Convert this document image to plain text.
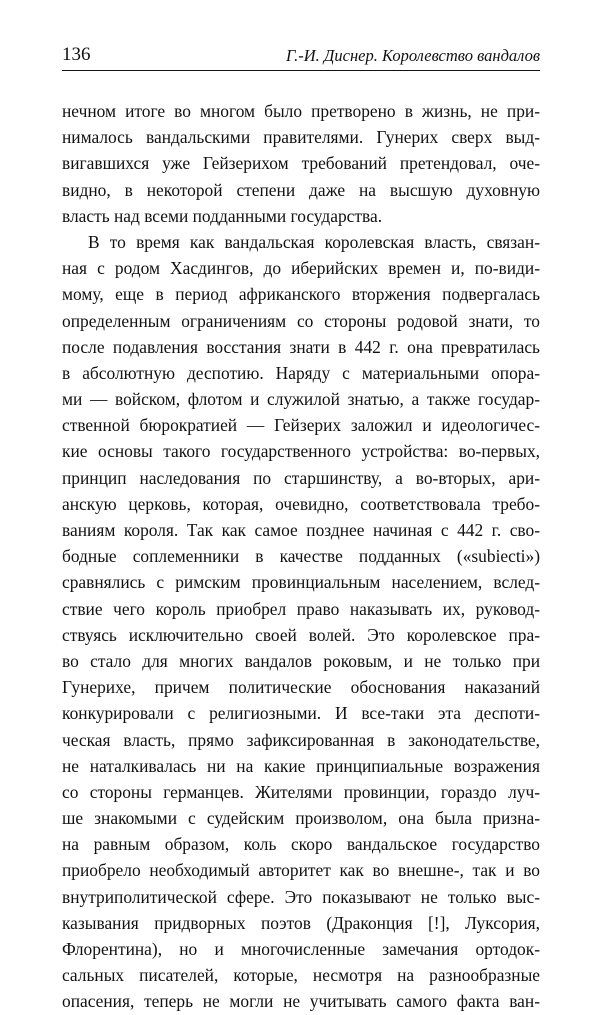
136	Г.-И. Диснер. Королевство вандалов
нечном итоге во многом было претворено в жизнь, не при-
нималось вандальскими правителями. Гунерих сверх выд-
вигавшихся уже Гейзерихом требований претендовал, оче-
видно, в некоторой степени даже на высшую духовную
власть над всеми подданными государства.
В то время как вандальская королевская власть, связан-
ная с родом Хасдингов, до иберийских времен и, по-види-
мому, еще в период африканского вторжения подвергалась
определенным ограничениям со стороны родовой знати, то
после подавления восстания знати в 442 г. она превратилась
в абсолютную деспотию. Наряду с материальными опора-
ми — войском, флотом и служилой знатью, а также государ-
ственной бюрократией — Гейзерих заложил и идеологичес-
кие основы такого государственного устройства: во-первых,
принцип наследования по старшинству, а во-вторых, ари-
анскую церковь, которая, очевидно, соответствовала требо-
ваниям короля. Так как самое позднее начиная с 442 г. сво-
бодные соплеменники в качестве подданных («subiecti»)
сравнялись с римским провинциальным населением, вслед-
ствие чего король приобрел право наказывать их, руковод-
ствуясь исключительно своей волей. Это королевское пра-
во стало для многих вандалов роковым, и не только при
Гунерихе, причем политические обоснования наказаний
конкурировали с религиозными. И все-таки эта деспоти-
ческая власть, прямо зафиксированная в законодательстве,
не наталкивалась ни на какие принципиальные возражения
со стороны германцев. Жителями провинции, гораздо луч-
ше знакомыми с судейским произволом, она была призна-
на равным образом, коль скоро вандальское государство
приобрело необходимый авторитет как во внешне-, так и во
внутриполитической сфере. Это показывают не только выс-
казывания придворных поэтов (Драконция [!], Луксория,
Флорентина), но и многочисленные замечания ортодок-
сальных писателей, которые, несмотря на разнообразные
опасения, теперь не могли не учитывать самого факта ван-
